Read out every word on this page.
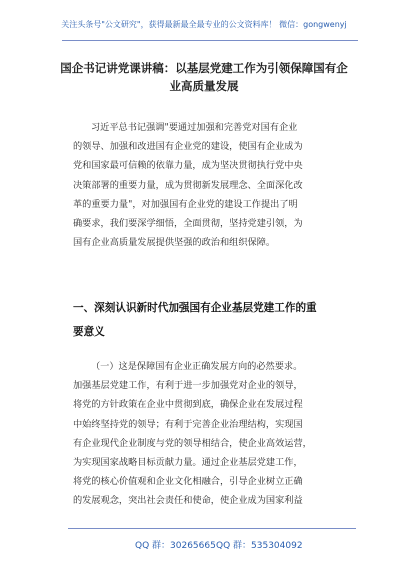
关注头条号"公文研究"，获得最新最全最专业的公文资料库！ 微信：gongwenyj
国企书记讲党课讲稿：以基层党建工作为引领保障国有企
业高质量发展
习近平总书记强调"要通过加强和完善党对国有企业
的领导、加强和改进国有企业党的建设，使国有企业成为
党和国家最可信赖的依靠力量，成为坚决贯彻执行党中央
决策部署的重要力量，成为贯彻新发展理念、全面深化改
革的重要力量"，对加强国有企业党的建设工作提出了明
确要求，我们要深学细悟，全面贯彻，坚持党建引领，为
国有企业高质量发展提供坚强的政治和组织保障。
一、深刻认识新时代加强国有企业基层党建工作的重
要意义
（一）这是保障国有企业正确发展方向的必然要求。
加强基层党建工作，有利于进一步加强党对企业的领导，
将党的方针政策在企业中贯彻到底，确保企业在发展过程
中始终坚持党的领导；有利于完善企业治理结构，实现国
有企业现代企业制度与党的领导相结合，使企业高效运营，
为实现国家战略目标贡献力量。通过企业基层党建工作，
将党的核心价值观和企业文化相融合，引导企业树立正确
的发展观念，突出社会责任和使命，使企业成为国家利益
QQ 群：30265665 QQ 群：535304092
